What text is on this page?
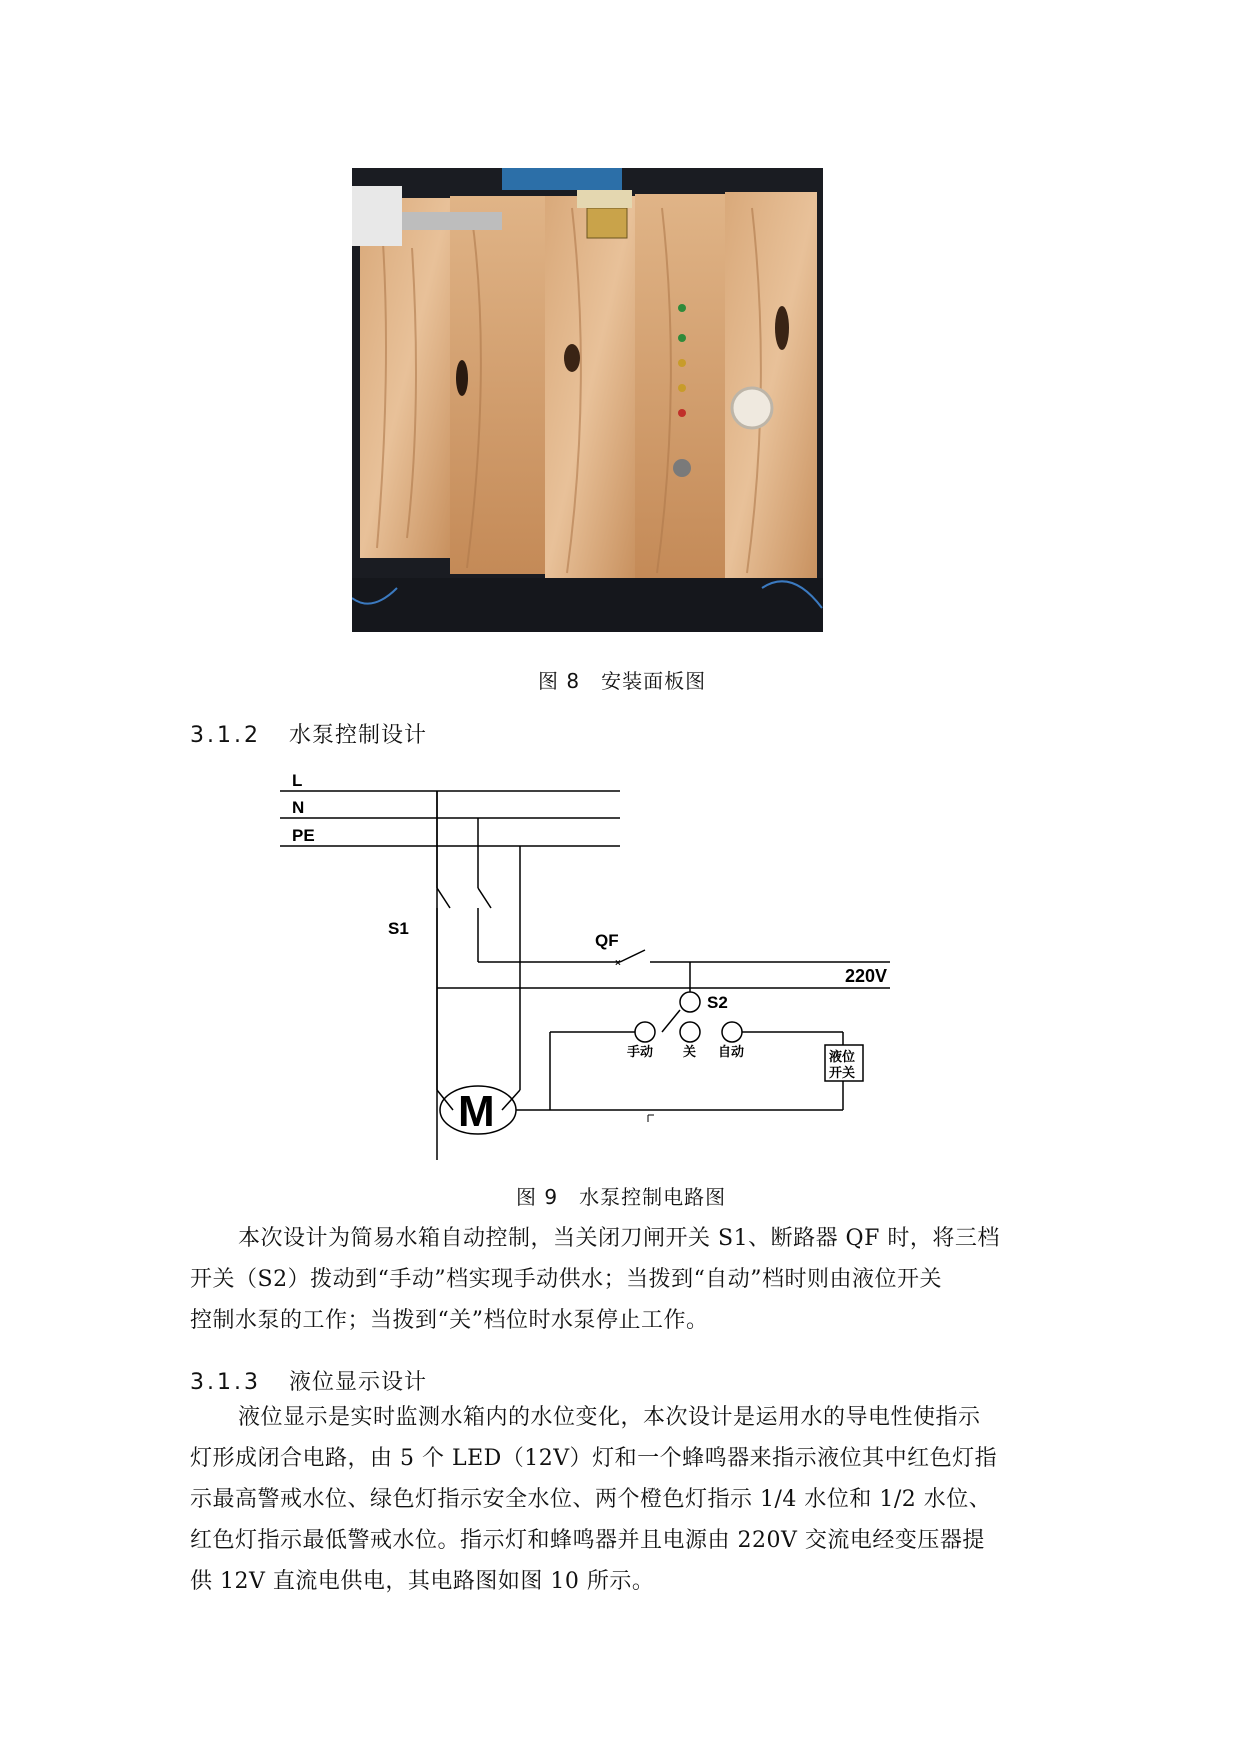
图 8　安装面板图
3.1.2 水泵控制设计
×
L
N
PE
S1
QF
220V
S2
手动 关 自动	液位
开关
M
图 9　水泵控制电路图

本次设计为简易水箱自动控制，当关闭刀闸开关 S1、断路器 QF 时，将三档

开关（S2）拨动到“手动”档实现手动供水；当拨到“自动”档时则由液位开关

控制水泵的工作；当拨到“关”档位时水泵停止工作。

3.1.3 液位显示设计

液位显示是实时监测水箱内的水位变化，本次设计是运用水的导电性使指示

灯形成闭合电路，由 5 个 LED（12V）灯和一个蜂鸣器来指示液位其中红色灯指

示最高警戒水位、绿色灯指示安全水位、两个橙色灯指示 1/4 水位和 1/2 水位、

红色灯指示最低警戒水位。指示灯和蜂鸣器并且电源由 220V 交流电经变压器提

供 12V 直流电供电，其电路图如图 10 所示。
